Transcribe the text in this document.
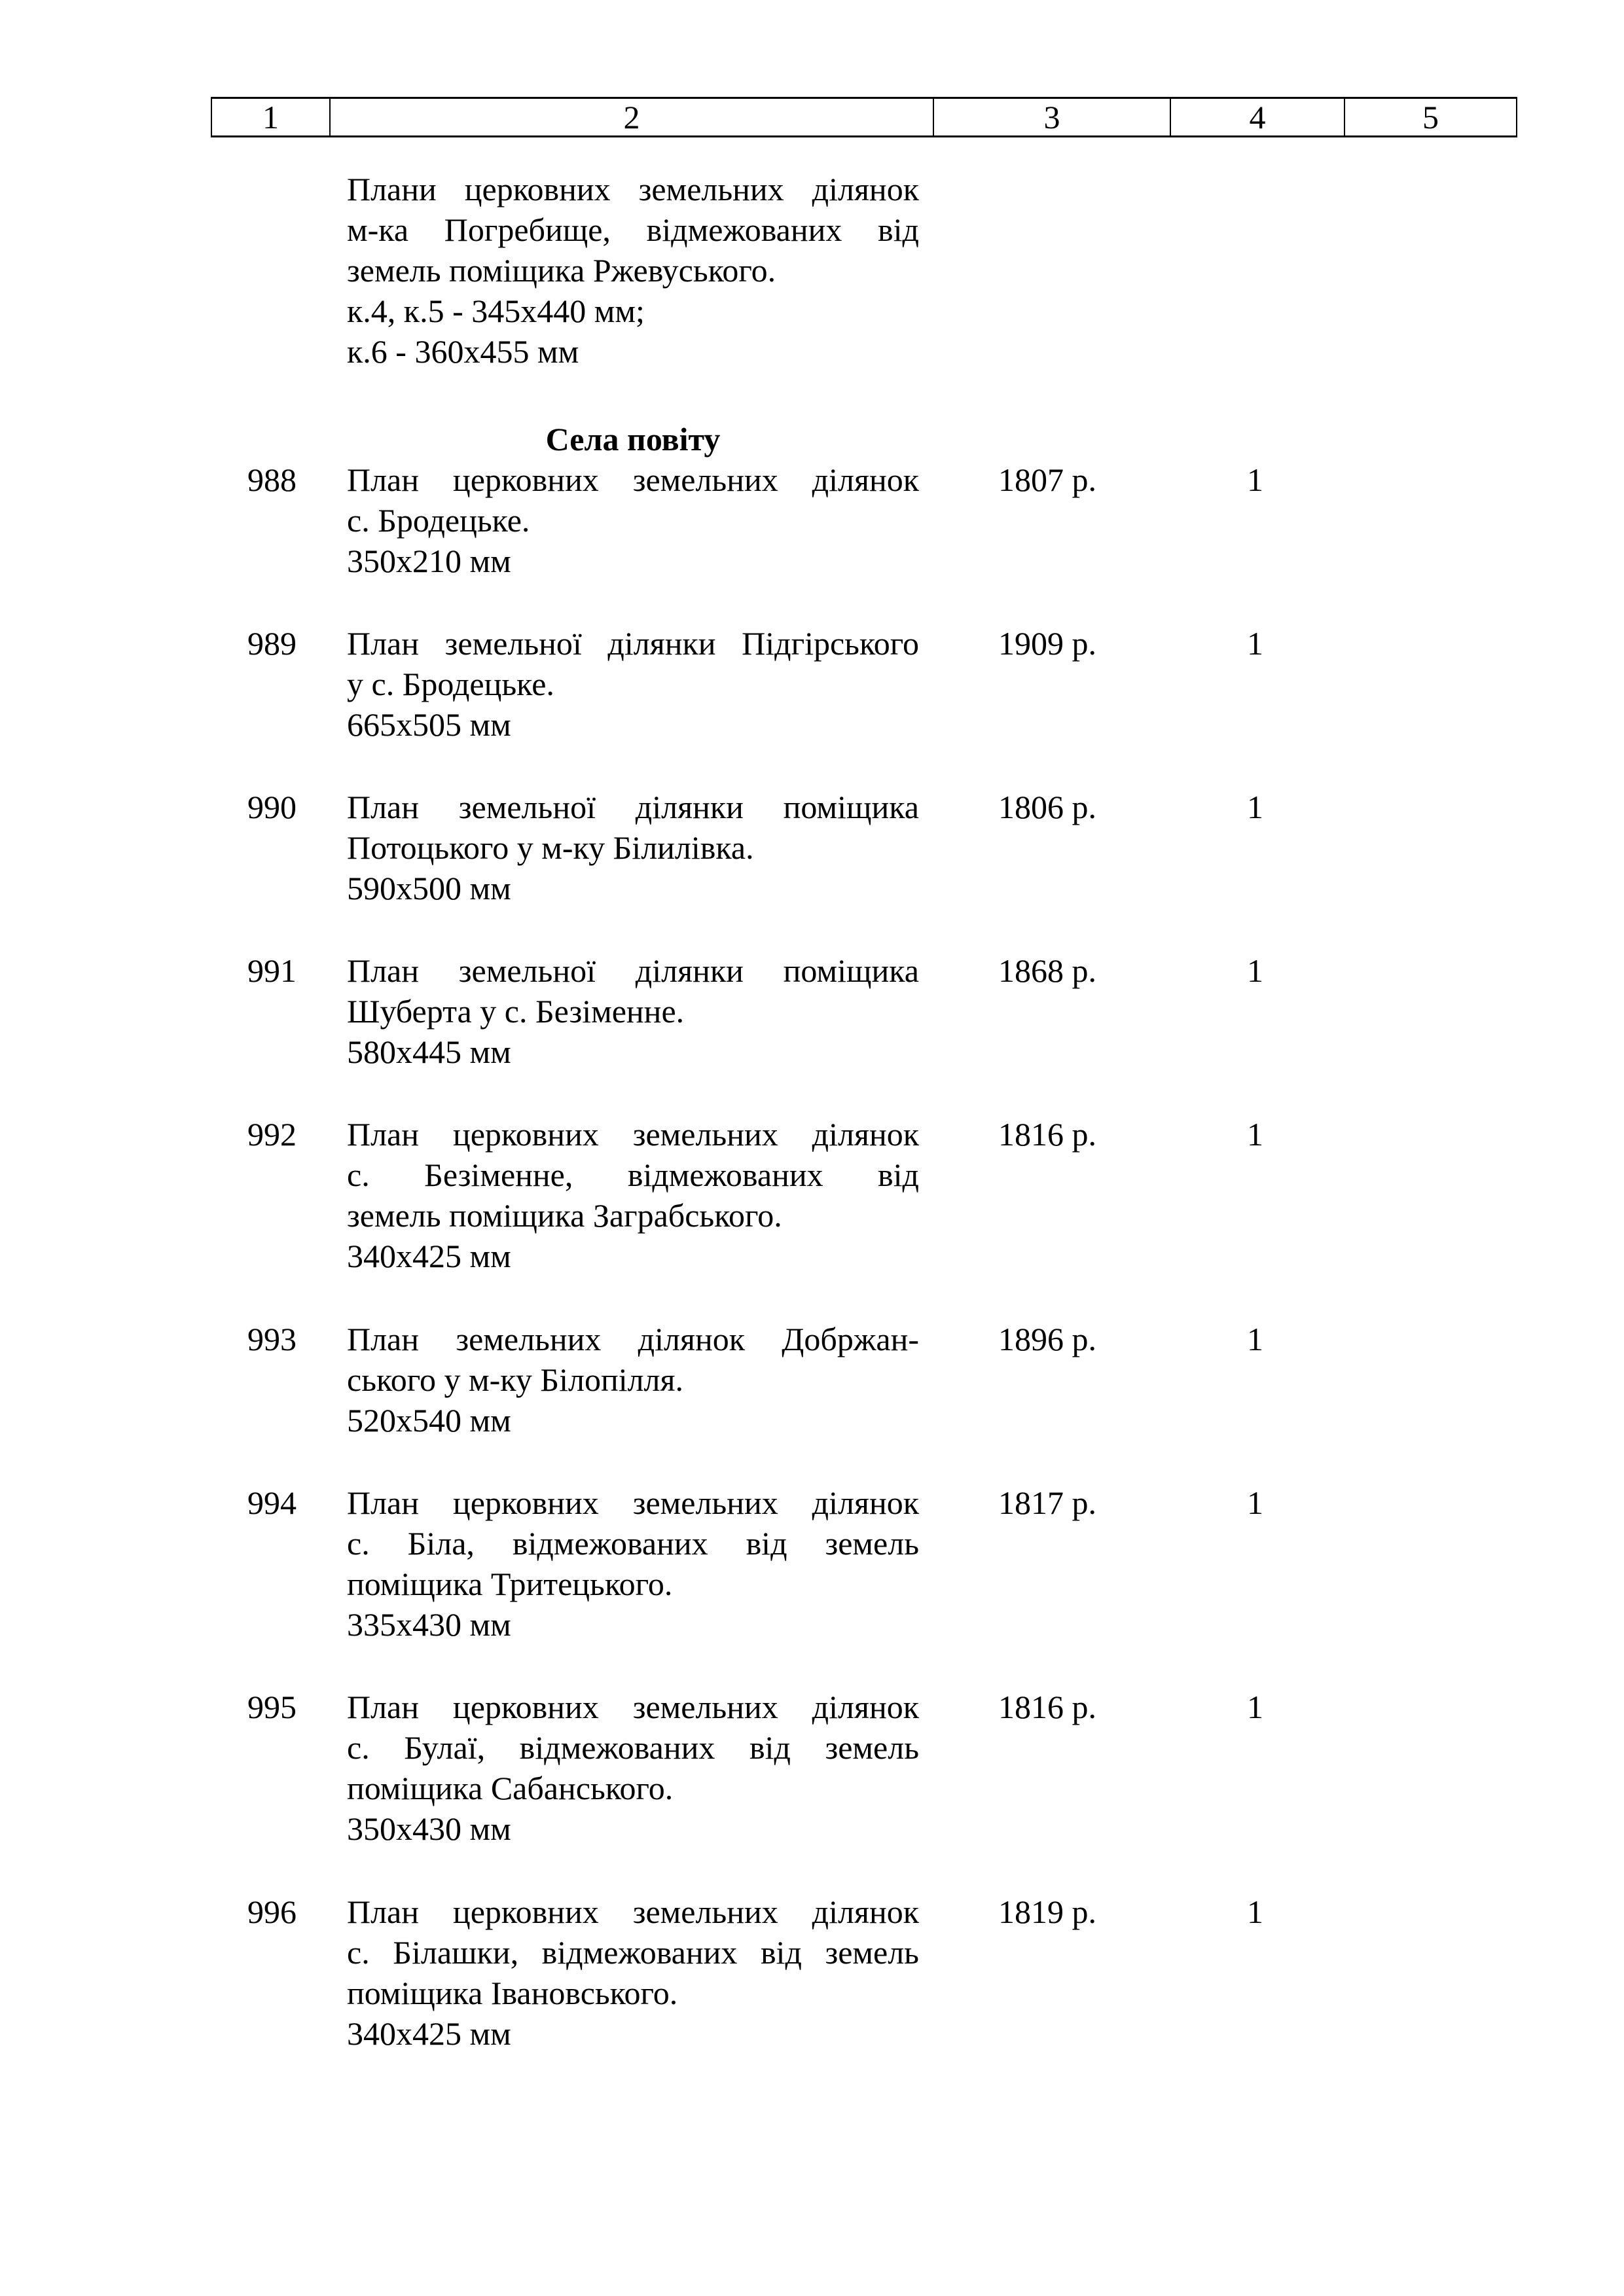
1	2	3	4	5
Плани церковних земельних ділянок
м-ка Погребище, відмежованих від
земель поміщика Ржевуського.
к.4, к.5 - 345х440 мм;
к.6 - 360х455 мм
Села повіту
988 План церковних земельних ділянок
с. Бродецьке.
350х210 мм
1807 р.	1
989 План земельної ділянки Підгірського
у с. Бродецьке.
665х505 мм
1909 р.	1
990 План земельної ділянки поміщика
Потоцького у м-ку Білилівка.
590х500 мм
1806 р.	1
991 План земельної ділянки поміщика
Шуберта у с. Безіменне.
580х445 мм
1868 р.	1
992 План церковних земельних ділянок
с. Безіменне, відмежованих від
земель поміщика Заграбського.
340х425 мм
1816 р.	1
993 План земельних ділянок Добржан-
ського у м-ку Білопілля.
520х540 мм
1896 р.	1
994 План церковних земельних ділянок
с. Біла, відмежованих від земель
поміщика Тритецького.
335х430 мм
1817 р.	1
995 План церковних земельних ділянок
с. Булаї, відмежованих від земель
поміщика Сабанського.
350х430 мм
1816 р.	1
996 План церковних земельних ділянок
с. Білашки, відмежованих від земель
поміщика Івановського.
340х425 мм
1819 р.	1
